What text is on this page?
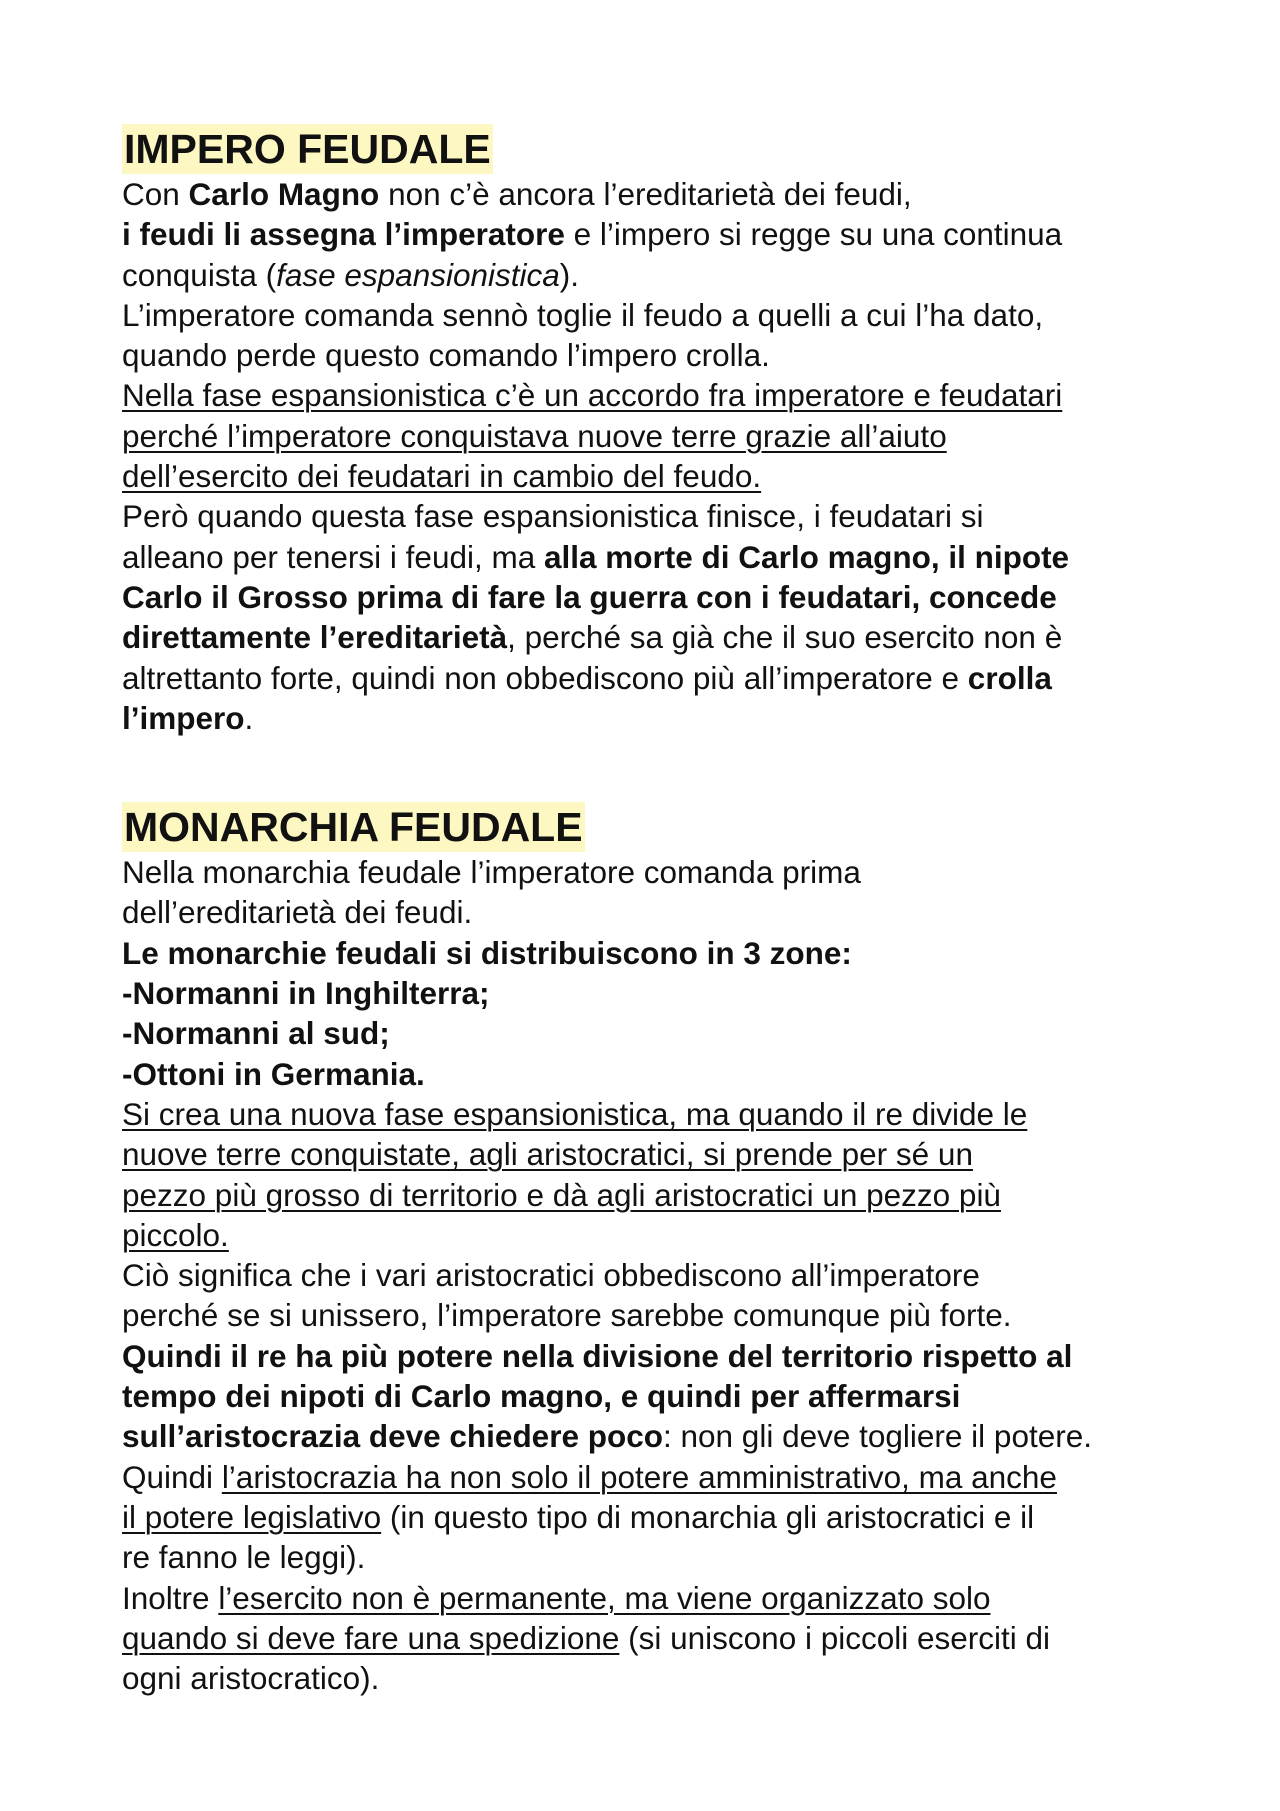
IMPERO FEUDALE

Con Carlo Magno non c’è ancora l’ereditarietà dei feudi,

i feudi li assegna l’imperatore e l’impero si regge su una continua

conquista (fase espansionistica).

L’imperatore comanda sennò toglie il feudo a quelli a cui l’ha dato,

quando perde questo comando l’impero crolla.

Nella fase espansionistica c’è un accordo fra imperatore e feudatari

perché l’imperatore conquistava nuove terre grazie all’aiuto

dell’esercito dei feudatari in cambio del feudo.

Però quando questa fase espansionistica finisce, i feudatari si

alleano per tenersi i feudi, ma alla morte di Carlo magno, il nipote

Carlo il Grosso prima di fare la guerra con i feudatari, concede

direttamente l’ereditarietà, perché sa già che il suo esercito non è

altrettanto forte, quindi non obbediscono più all’imperatore e crolla

l’impero.

MONARCHIA FEUDALE

Nella monarchia feudale l’imperatore comanda prima

dell’ereditarietà dei feudi.

Le monarchie feudali si distribuiscono in 3 zone:

-Normanni in Inghilterra;

-Normanni al sud;

-Ottoni in Germania.

Si crea una nuova fase espansionistica, ma quando il re divide le

nuove terre conquistate, agli aristocratici, si prende per sé un

pezzo più grosso di territorio e dà agli aristocratici un pezzo più

piccolo.

Ciò significa che i vari aristocratici obbediscono all’imperatore

perché se si unissero, l’imperatore sarebbe comunque più forte.

Quindi il re ha più potere nella divisione del territorio rispetto al

tempo dei nipoti di Carlo magno, e quindi per affermarsi

sull’aristocrazia deve chiedere poco: non gli deve togliere il potere.

Quindi l’aristocrazia ha non solo il potere amministrativo, ma anche

il potere legislativo (in questo tipo di monarchia gli aristocratici e il

re fanno le leggi).

Inoltre l’esercito non è permanente, ma viene organizzato solo

quando si deve fare una spedizione (si uniscono i piccoli eserciti di

ogni aristocratico).
